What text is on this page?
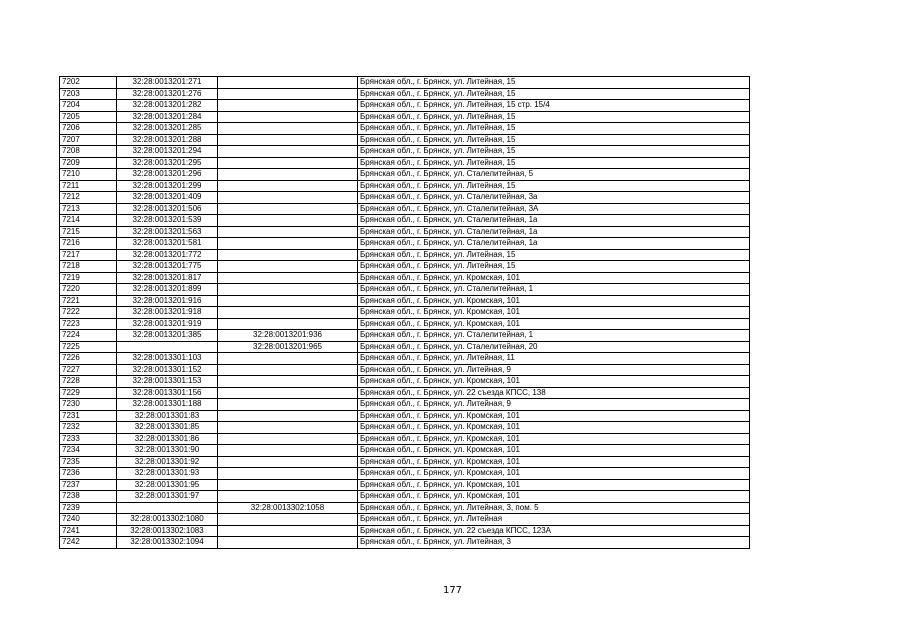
7202	32:28:0013201:271		Брянская обл., г. Брянск, ул. Литейная, 15
7203	32:28:0013201:276		Брянская обл., г. Брянск, ул. Литейная, 15
7204	32:28:0013201:282		Брянская обл., г. Брянск, ул. Литейная, 15 стр. 15/4
7205	32:28:0013201:284		Брянская обл., г. Брянск, ул. Литейная, 15
7206	32:28:0013201:285		Брянская обл., г. Брянск, ул. Литейная, 15
7207	32:28:0013201:288		Брянская обл., г. Брянск, ул. Литейная, 15
7208	32:28:0013201:294		Брянская обл., г. Брянск, ул. Литейная, 15
7209	32:28:0013201:295		Брянская обл., г. Брянск, ул. Литейная, 15
7210	32:28:0013201:296		Брянская обл., г. Брянск, ул. Сталелитейная, 5
7211	32:28:0013201:299		Брянская обл., г. Брянск, ул. Литейная, 15
7212	32:28:0013201:409		Брянская обл., г. Брянск, ул. Сталелитейная, 3а
7213	32:28:0013201:506		Брянская обл., г. Брянск, ул. Сталелитейная, 3А
7214	32:28:0013201:539		Брянская обл., г. Брянск, ул. Сталелитейная, 1а
7215	32:28:0013201:563		Брянская обл., г. Брянск, ул. Сталелитейная, 1а
7216	32:28:0013201:581		Брянская обл., г. Брянск, ул. Сталелитейная, 1а
7217	32:28:0013201:772		Брянская обл., г. Брянск, ул. Литейная, 15
7218	32:28:0013201:775		Брянская обл., г. Брянск, ул. Литейная, 15
7219	32:28:0013201:817		Брянская обл., г. Брянск, ул. Кромская, 101
7220	32:28:0013201:899		Брянская обл., г. Брянск, ул. Сталелитейная, 1
7221	32:28:0013201:916		Брянская обл., г. Брянск, ул. Кромская, 101
7222	32:28:0013201:918		Брянская обл., г. Брянск, ул. Кромская, 101
7223	32:28:0013201:919		Брянская обл., г. Брянск, ул. Кромская, 101
7224	32:28:0013201:385	32:28:0013201:936	Брянская обл., г. Брянск, ул. Сталелитейная, 1
7225		32:28:0013201:965	Брянская обл., г. Брянск, ул. Сталелитейная, 20
7226	32:28:0013301:103		Брянская обл., г. Брянск, ул. Литейная, 11
7227	32:28:0013301:152		Брянская обл., г. Брянск, ул. Литейная, 9
7228	32:28:0013301:153		Брянская обл., г. Брянск, ул. Кромская, 101
7229	32:28:0013301:156		Брянская обл., г. Брянск, ул. 22 съезда КПСС, 138
7230	32:28:0013301:188		Брянская обл., г. Брянск, ул. Литейная, 9
7231	32:28:0013301:83		Брянская обл., г. Брянск, ул. Кромская, 101
7232	32:28:0013301:85		Брянская обл., г. Брянск, ул. Кромская, 101
7233	32:28:0013301:86		Брянская обл., г. Брянск, ул. Кромская, 101
7234	32:28:0013301:90		Брянская обл., г. Брянск, ул. Кромская, 101
7235	32:28:0013301:92		Брянская обл., г. Брянск, ул. Кромская, 101
7236	32:28:0013301:93		Брянская обл., г. Брянск, ул. Кромская, 101
7237	32:28:0013301:95		Брянская обл., г. Брянск, ул. Кромская, 101
7238	32:28:0013301:97		Брянская обл., г. Брянск, ул. Кромская, 101
7239		32:28:0013302:1058	Брянская обл., г. Брянск, ул. Литейная, 3, пом. 5
7240	32:28:0013302:1080		Брянская обл., г. Брянск, ул. Литейная
7241	32:28:0013302:1083		Брянская обл., г. Брянск, ул. 22 съезда КПСС, 123А
7242	32:28:0013302:1094		Брянская обл., г. Брянск, ул. Литейная, 3
177
